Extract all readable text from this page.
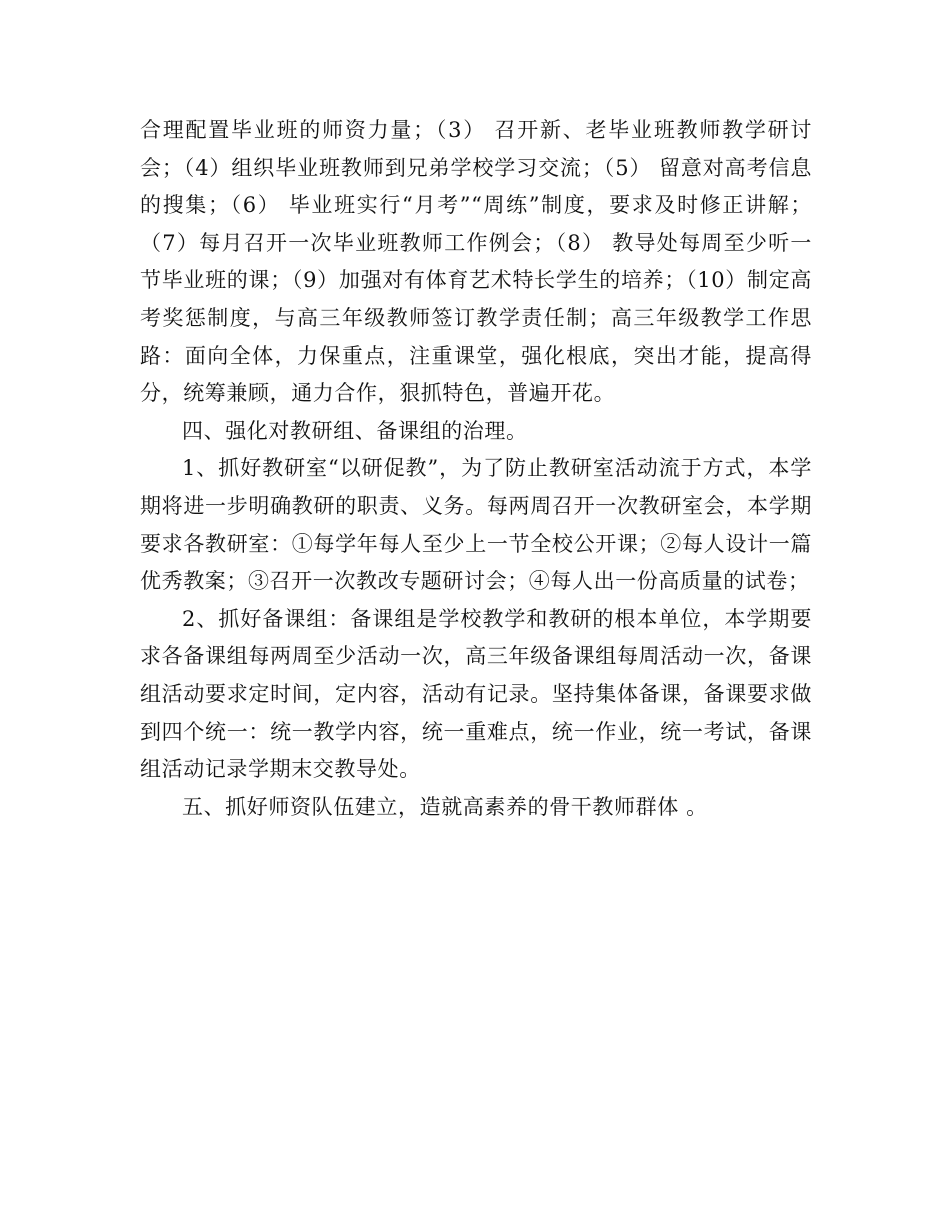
合理配置毕业班的师资力量；（3） 召开新、老毕业班教师教学研讨会；（4）组织毕业班教师到兄弟学校学习交流；（5） 留意对高考信息的搜集；（6） 毕业班实行“月考”“周练”制度，要求及时修正讲解；（7）每月召开一次毕业班教师工作例会；（8） 教导处每周至少听一节毕业班的课；（9）加强对有体育艺术特长学生的培养；（10）制定高考奖惩制度，与高三年级教师签订教学责任制；高三年级教学工作思路：面向全体，力保重点，注重课堂，强化根底，突出才能，提高得分，统筹兼顾，通力合作，狠抓特色，普遍开花。

四、强化对教研组、备课组的治理。

1、抓好教研室“以研促教”，为了防止教研室活动流于方式，本学期将进一步明确教研的职责、义务。每两周召开一次教研室会，本学期要求各教研室：①每学年每人至少上一节全校公开课；②每人设计一篇优秀教案；③召开一次教改专题研讨会；④每人出一份高质量的试卷；

2、抓好备课组：备课组是学校教学和教研的根本单位，本学期要求各备课组每两周至少活动一次，高三年级备课组每周活动一次，备课组活动要求定时间，定内容，活动有记录。坚持集体备课，备课要求做到四个统一：统一教学内容，统一重难点，统一作业，统一考试，备课组活动记录学期末交教导处。

五、抓好师资队伍建立，造就高素养的骨干教师群体 。
